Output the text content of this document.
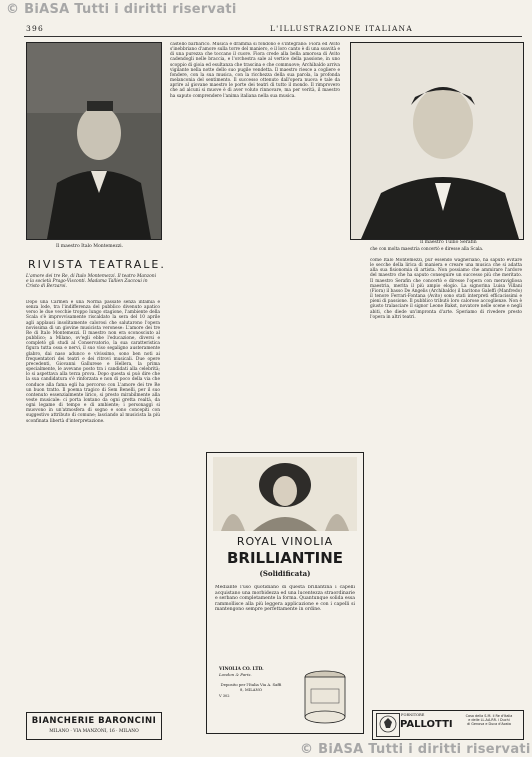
© BiASA Tutti i diritti riservati
© BiASA Tutti i diritti riservati
396	L'ILLUSTRAZIONE ITALIANA
Il maestro Italo Montemezzi.
RIVISTA TEATRALE.
L'amore dei tre Re, di Italo Montemezzi. Il teatro Manzoni e la società Prago-Visconti. Madama Tallien Zaccoui in Cristo di Berzaroi.
Dopo una Carmen e una Norma passate senza infamia e senza lode, tra l'indifferenza del pubblico divenuto apatico verso le due vecchie troppo lungo stagione, l'ambiente della Scala s'è improvvisamente riscaldato la sera del 10 aprile agli applausi insolitamente calorosi che salutarono l'opera novissima di un giovine musicista veronese: L'amore dei tre Re di Italo Montemezzi. Il maestro non era sconosciuto al pubblico; a Milano, ov'egli ebbe l'educazione, diversi e completò gli studi al Conservatorio, la sua caratteristica figura tutta ossa e nervi, il suo viso segaligno austeramente glabro, dai naso adunco e vivissimo, sono ben noti ai frequentatori dei teatri e dei ritrovi musicali. Due opere precedenti, Giovanni Gallurese e Hellera, la prima specialmente, le avevano posto tra i candidati alla celebrità; lo si aspettava alla terza prova. Dopo questa si può dire che la sua candidatura s'è rinforzata e non di poco della via che conduce alla fama egli ha percorso con L'amore dei tre Re un buon tratto. Il poema tragico di Sem Benelli, per il suo contenuto essenzialmente lirico, si presto mirabilmente alla veste musicale: ci porta lontano da ogni gretta realtà, da ogni legame di tempo e di ambiente; i personaggi si muovono in un'atmosfera di sogno e sono concepiti con suggestivo attributo di comune; lasciando al musicista la più sconfinata libertà d'interpretazione.
BIANCHERIE BARONCINI
MILANO · VIA MANZONI, 16 · MILANO
castello barbarico. Musica e dramma si fondono e s'integrano: Fiora ed Avito s'inebbriano d'amore sulla torre del maniero, e il loro canto è di una soavità e di una purezza che toccano il cuore. Fiora crede alla bella amorosa di Avito cadendogli nelle braccia, e l'orchestra sale al vertice della passione, in uno scoppio di gioia ed esultanza che trascina e che commuove; Archibaldo arriva vigilante nella notte dello suo pugile vendetta. Il maestro riesce a cogliere e fondere, con la sua musica, con la ricchezza della sua parola, la profonda melanconia del sentimento. Il successo ottenuto dall'opera nuova è tale da aprire al giovane maestro le porte dei teatri di tutto il mondo. Il rimprovero che ad alcuni si muove è di aver voluto rinnovare, ma per verità, il maestro ha saputo comprendere l'anima italiana nella sua musica.
ROYAL VINOLIA
BRILLIANTINE
(Solidificata)
Mediante l'uso quotidiano di questa brillantina i capelli acquistano una morbidezza ed una lucentezza straordinarie e serbano completamente la forma. Quantunque solida essa rammollisce alla più leggera applicazione e con i capelli si mantengono sempre perfettamente in ordine.
VINOLIA CO. LTD.
London & Paris.
Deposito per l'Italia Via A. Saffi 8, MILANO
V 302
Il maestro Tullio Serafin
che con molta maestria concertò e diresse alla Scala.
come Italo Montemezzi, pur essendo wagneriano, ha saputo evitare le secche della lirica di maniera e creare una musica che si adatta alla sua fisionomia di artista. Non possiamo che ammirare l'ardore del maestro che ha saputo conseguire un successo più che meritato. Il maestro Serafin che concertò e diresse l'opera con meravigliosa maestria, merita il più ampio elogio. La signorina Luisa Villani (Fiora) il basso De Angelis (Archibaldo) il baritono Galeffi (Manfredo) il tenore Ferrari-Fontana (Avito) sono stati interpreti efficacissimi e pieni di passione. Il pubblico tributò loro calorose accoglienze. Non è giusto tralasciare il signor Leone Bakst, novatore nelle scene e negli abiti, che diede un'impronta d'arte. Speriamo di rivedere presto l'opera in altri teatri.
FORNITORE
PALLOTTI
Casa della S.M. il Re d'Italia
e delle LL.AA.RR. i Duchi
di Genova e Duca d'Aosta
